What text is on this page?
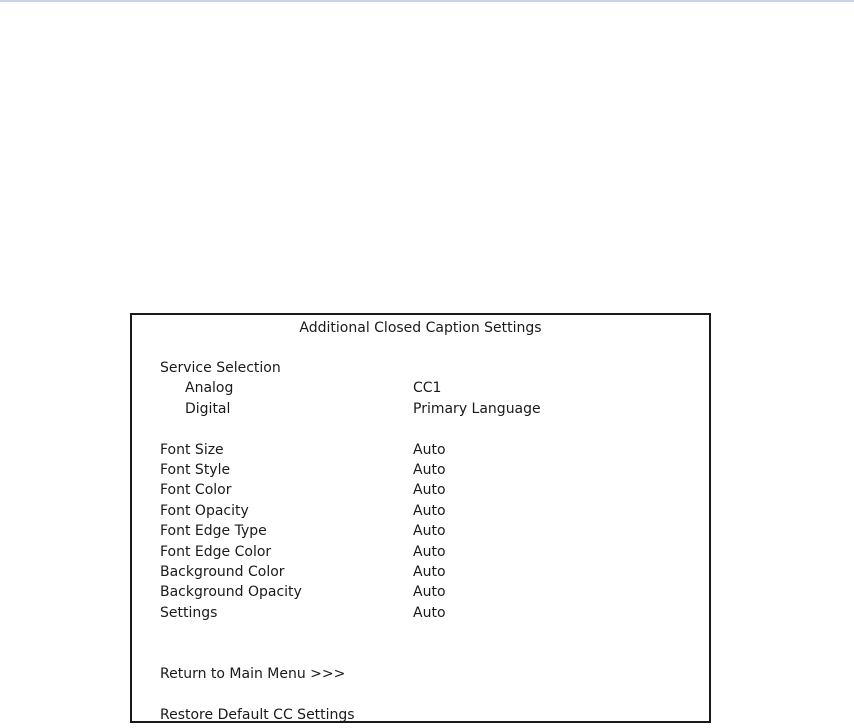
Additional Closed Caption Settings
Service Selection
Analog	CC1
Digital	Primary Language
Font Size	Auto
Font Style	Auto
Font Color	Auto
Font Opacity	Auto
Font Edge Type	Auto
Font Edge Color	Auto
Background Color	Auto
Background Opacity	Auto
Settings	Auto
Return to Main Menu >>>
Restore Default CC Settings
